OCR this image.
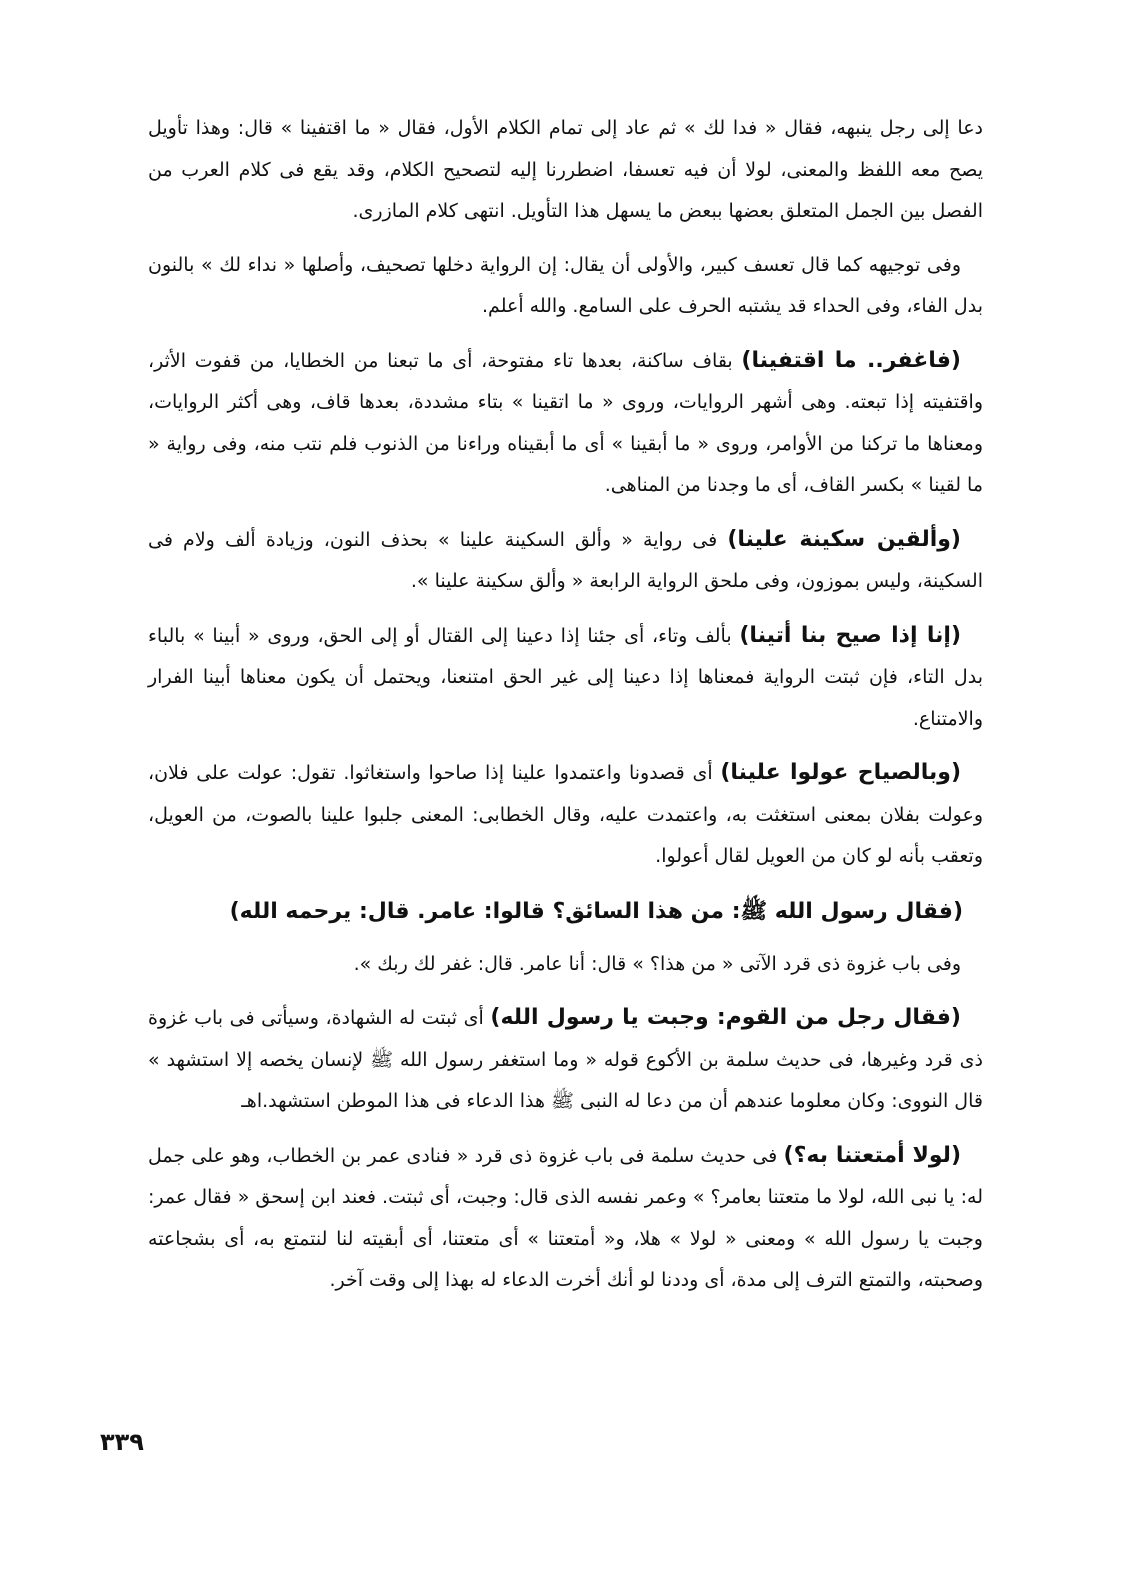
دعا إلى رجل ينبهه، فقال « فدا لك » ثم عاد إلى تمام الكلام الأول، فقال « ما اقتفينا » قال: وهذا تأويل يصح معه اللفظ والمعنى، لولا أن فيه تعسفا، اضطررنا إليه لتصحيح الكلام، وقد يقع فى كلام العرب من الفصل بين الجمل المتعلق بعضها ببعض ما يسهل هذا التأويل. انتهى كلام المازرى.

وفى توجيهه كما قال تعسف كبير، والأولى أن يقال: إن الرواية دخلها تصحيف، وأصلها « نداء لك » بالنون بدل الفاء، وفى الحداء قد يشتبه الحرف على السامع. والله أعلم.

(فاغفر.. ما اقتفينا) بقاف ساكنة، بعدها تاء مفتوحة، أى ما تبعنا من الخطايا، من قفوت الأثر، واقتفيته إذا تبعته. وهى أشهر الروايات، وروى « ما اتقينا » بتاء مشددة، بعدها قاف، وهى أكثر الروايات، ومعناها ما تركنا من الأوامر، وروى « ما أبقينا » أى ما أبقيناه وراءنا من الذنوب فلم نتب منه، وفى رواية « ما لقينا » بكسر القاف، أى ما وجدنا من المناهى.

(وألقين سكينة علينا) فى رواية « وألق السكينة علينا » بحذف النون، وزيادة ألف ولام فى السكينة، وليس بموزون، وفى ملحق الرواية الرابعة « وألق سكينة علينا ».

(إنا إذا صيح بنا أتينا) بألف وتاء، أى جئنا إذا دعينا إلى القتال أو إلى الحق، وروى « أبينا » بالباء بدل التاء، فإن ثبتت الرواية فمعناها إذا دعينا إلى غير الحق امتنعنا، ويحتمل أن يكون معناها أبينا الفرار والامتناع.

(وبالصياح عولوا علينا) أى قصدونا واعتمدوا علينا إذا صاحوا واستغاثوا. تقول: عولت على فلان، وعولت بفلان بمعنى استغثت به، واعتمدت عليه، وقال الخطابى: المعنى جلبوا علينا بالصوت، من العويل، وتعقب بأنه لو كان من العويل لقال أعولوا.

(فقال رسول الله ﷺ: من هذا السائق؟ قالوا: عامر. قال: يرحمه الله)

وفى باب غزوة ذى قرد الآتى « من هذا؟ » قال: أنا عامر. قال: غفر لك ربك ».

(فقال رجل من القوم: وجبت يا رسول الله) أى ثبتت له الشهادة، وسيأتى فى باب غزوة ذى قرد وغيرها، فى حديث سلمة بن الأكوع قوله « وما استغفر رسول الله ﷺ لإنسان يخصه إلا استشهد » قال النووى: وكان معلوما عندهم أن من دعا له النبى ﷺ هذا الدعاء فى هذا الموطن استشهد.اهـ

(لولا أمتعتنا به؟) فى حديث سلمة فى باب غزوة ذى قرد « فنادى عمر بن الخطاب، وهو على جمل له: يا نبى الله، لولا ما متعتنا بعامر؟ » وعمر نفسه الذى قال: وجبت، أى ثبتت. فعند ابن إسحق « فقال عمر: وجبت يا رسول الله » ومعنى « لولا » هلا، و« أمتعتنا » أى متعتنا، أى أبقيته لنا لنتمتع به، أى بشجاعته وصحبته، والتمتع الترف إلى مدة، أى وددنا لو أنك أخرت الدعاء له بهذا إلى وقت آخر.

٣٣٩
